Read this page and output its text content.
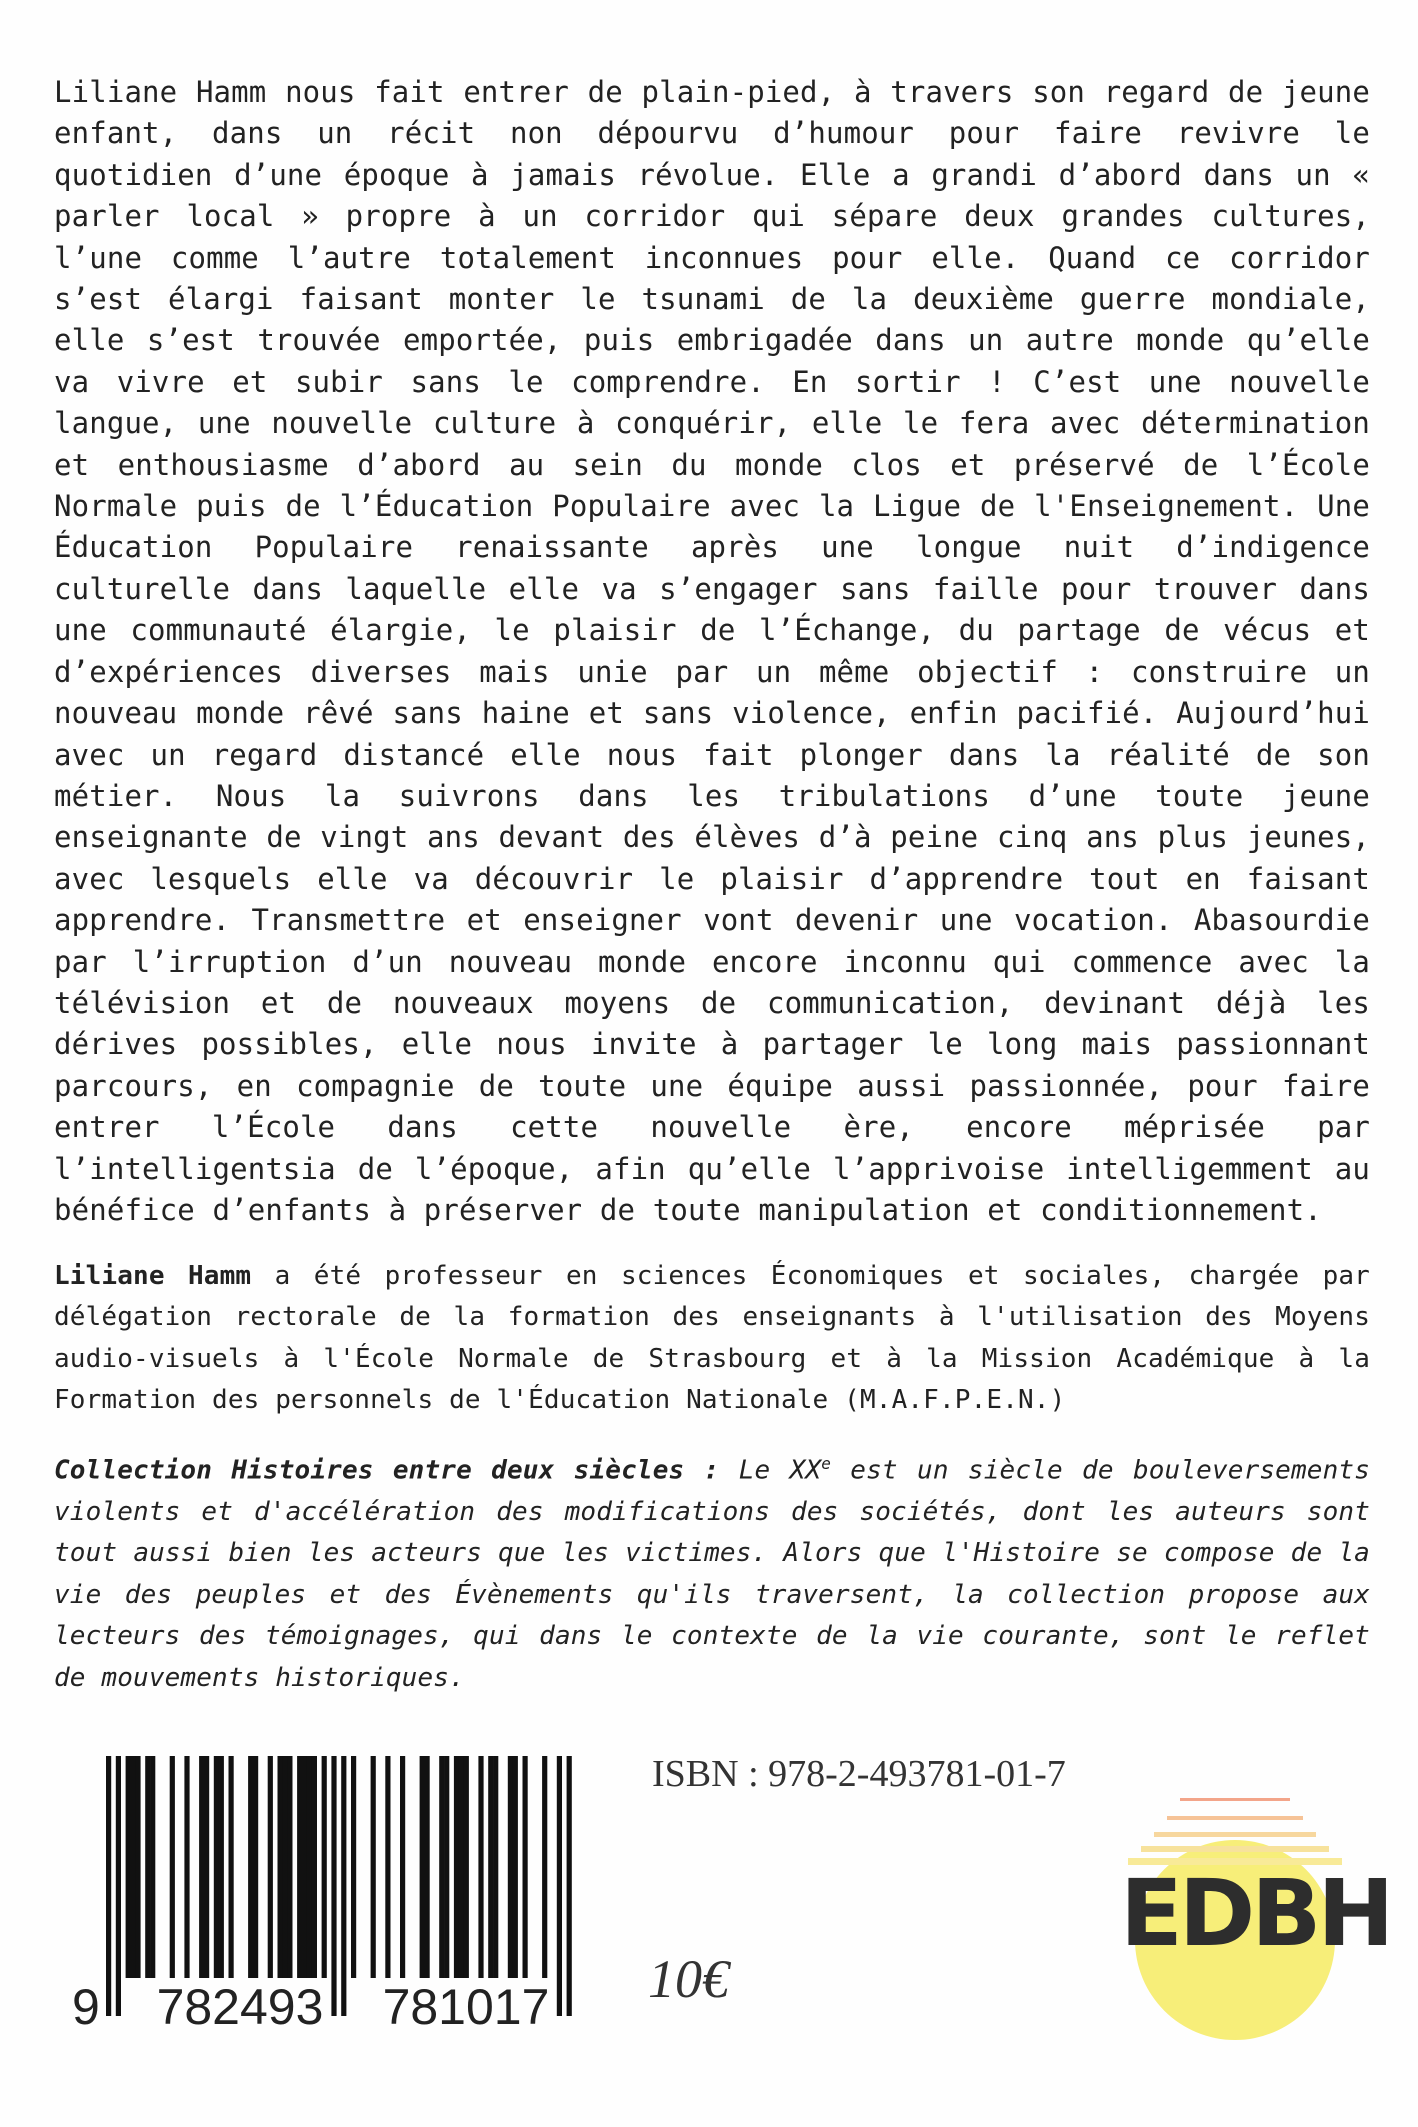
Liliane Hamm nous fait entrer de plain-pied, à travers son regard de jeune enfant, dans un récit non dépourvu d’humour pour faire revivre le quotidien d’une époque à jamais révolue. Elle a grandi d’abord dans un « parler local » propre à un corridor qui sépare deux grandes cultures, l’une comme l’autre totalement inconnues pour elle. Quand ce corridor s’est élargi faisant monter le tsunami de la deuxième guerre mondiale, elle s’est trouvée emportée, puis embrigadée dans un autre monde qu’elle va vivre et subir sans le comprendre. En sortir ! C’est une nouvelle langue, une nouvelle culture à conquérir, elle le fera avec détermination et enthousiasme d’abord au sein du monde clos et préservé de l’École Normale puis de l’Éducation Populaire avec la Ligue de l'Enseignement. Une Éducation Populaire renaissante après une longue nuit d’indigence culturelle dans laquelle elle va s’engager sans faille pour trouver dans une communauté élargie, le plaisir de l’Échange, du partage de vécus et d’expériences diverses mais unie par un même objectif : construire un nouveau monde rêvé sans haine et sans violence, enfin pacifié. Aujourd’hui avec un regard distancé elle nous fait plonger dans la réalité de son métier. Nous la suivrons dans les tribulations d’une toute jeune enseignante de vingt ans devant des élèves d’à peine cinq ans plus jeunes, avec lesquels elle va découvrir le plaisir d’apprendre tout en faisant apprendre. Transmettre et enseigner vont devenir une vocation. Abasourdie par l’irruption d’un nouveau monde encore inconnu qui commence avec la télévision et de nouveaux moyens de communication, devinant déjà les dérives possibles, elle nous invite à partager le long mais passionnant parcours, en compagnie de toute une équipe aussi passionnée, pour faire entrer l’École dans cette nouvelle ère, encore méprisée par l’intelligentsia de l’époque, afin qu’elle l’apprivoise intelligemment au bénéfice d’enfants à préserver de toute manipulation et conditionnement.
Liliane Hamm a été professeur en sciences Économiques et sociales, chargée par délégation rectorale de la formation des enseignants à l'utilisation des Moyens audio-visuels à l'École Normale de Strasbourg et à la Mission Académique à la Formation des personnels de l'Éducation Nationale (M.A.F.P.E.N.)
Collection Histoires entre deux siècles : Le XXe est un siècle de bouleversements violents et d'accélération des modifications des sociétés, dont les auteurs sont tout aussi bien les acteurs que les victimes. Alors que l'Histoire se compose de la vie des peuples et des Évènements qu'ils traversent, la collection propose aux lecteurs des témoignages, qui dans le contexte de la vie courante, sont le reflet de mouvements historiques.
9 782493 781017
ISBN : 978-2-493781-01-7
10€
EDBH
